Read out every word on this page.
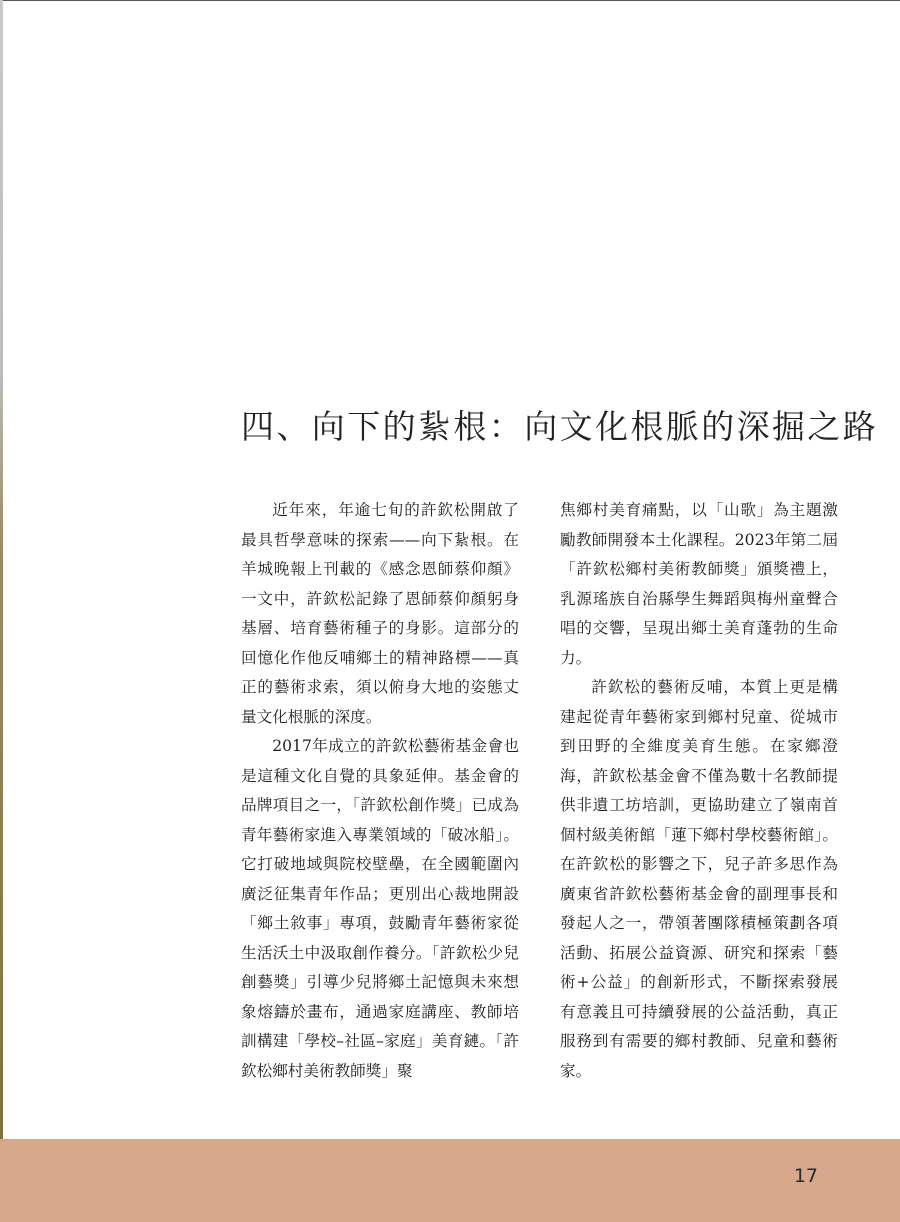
四、向下的紥根：向文化根脈的深掘之路

近年來，年逾七旬的許欽松開啟了最具哲學意味的探索——向下紥根。在羊城晚報上刊載的《感念恩師蔡仰顏》一文中，許欽松記錄了恩師蔡仰顏躬身基層、培育藝術種子的身影。這部分的回憶化作他反哺鄉土的精神路標——真正的藝術求索，須以俯身大地的姿態丈量文化根脈的深度。

2017年成立的許欽松藝術基金會也是這種文化自覺的具象延伸。基金會的品牌項目之一，「許欽松創作獎」已成為青年藝術家進入專業領域的「破冰船」。它打破地域與院校壁壘，在全國範圍內廣泛征集青年作品；更別出心裁地開設「鄉土敘事」專項，鼓勵青年藝術家從生活沃土中汲取創作養分。「許欽松少兒創藝獎」引導少兒將鄉土記憶與未來想象熔鑄於畫布，通過家庭講座、教師培訓構建「學校–社區–家庭」美育鏈。「許欽松鄉村美術教師獎」聚

焦鄉村美育痛點，以「山歌」為主題激勵教師開發本土化課程。2023年第二屆「許欽松鄉村美術教師獎」頒獎禮上，乳源瑤族自治縣學生舞蹈與梅州童聲合唱的交響，呈現出鄉土美育蓬勃的生命力。

許欽松的藝術反哺，本質上更是構建起從青年藝術家到鄉村兒童、從城市到田野的全維度美育生態。在家鄉澄海，許欽松基金會不僅為數十名教師提供非遺工坊培訓，更協助建立了嶺南首個村級美術館「蓮下鄉村學校藝術館」。在許欽松的影響之下，兒子許多思作為廣東省許欽松藝術基金會的副理事長和發起人之一，帶領著團隊積極策劃各項活動、拓展公益資源、研究和探索「藝術+公益」的創新形式，不斷探索發展有意義且可持續發展的公益活動，真正服務到有需要的鄉村教師、兒童和藝術家。

17
